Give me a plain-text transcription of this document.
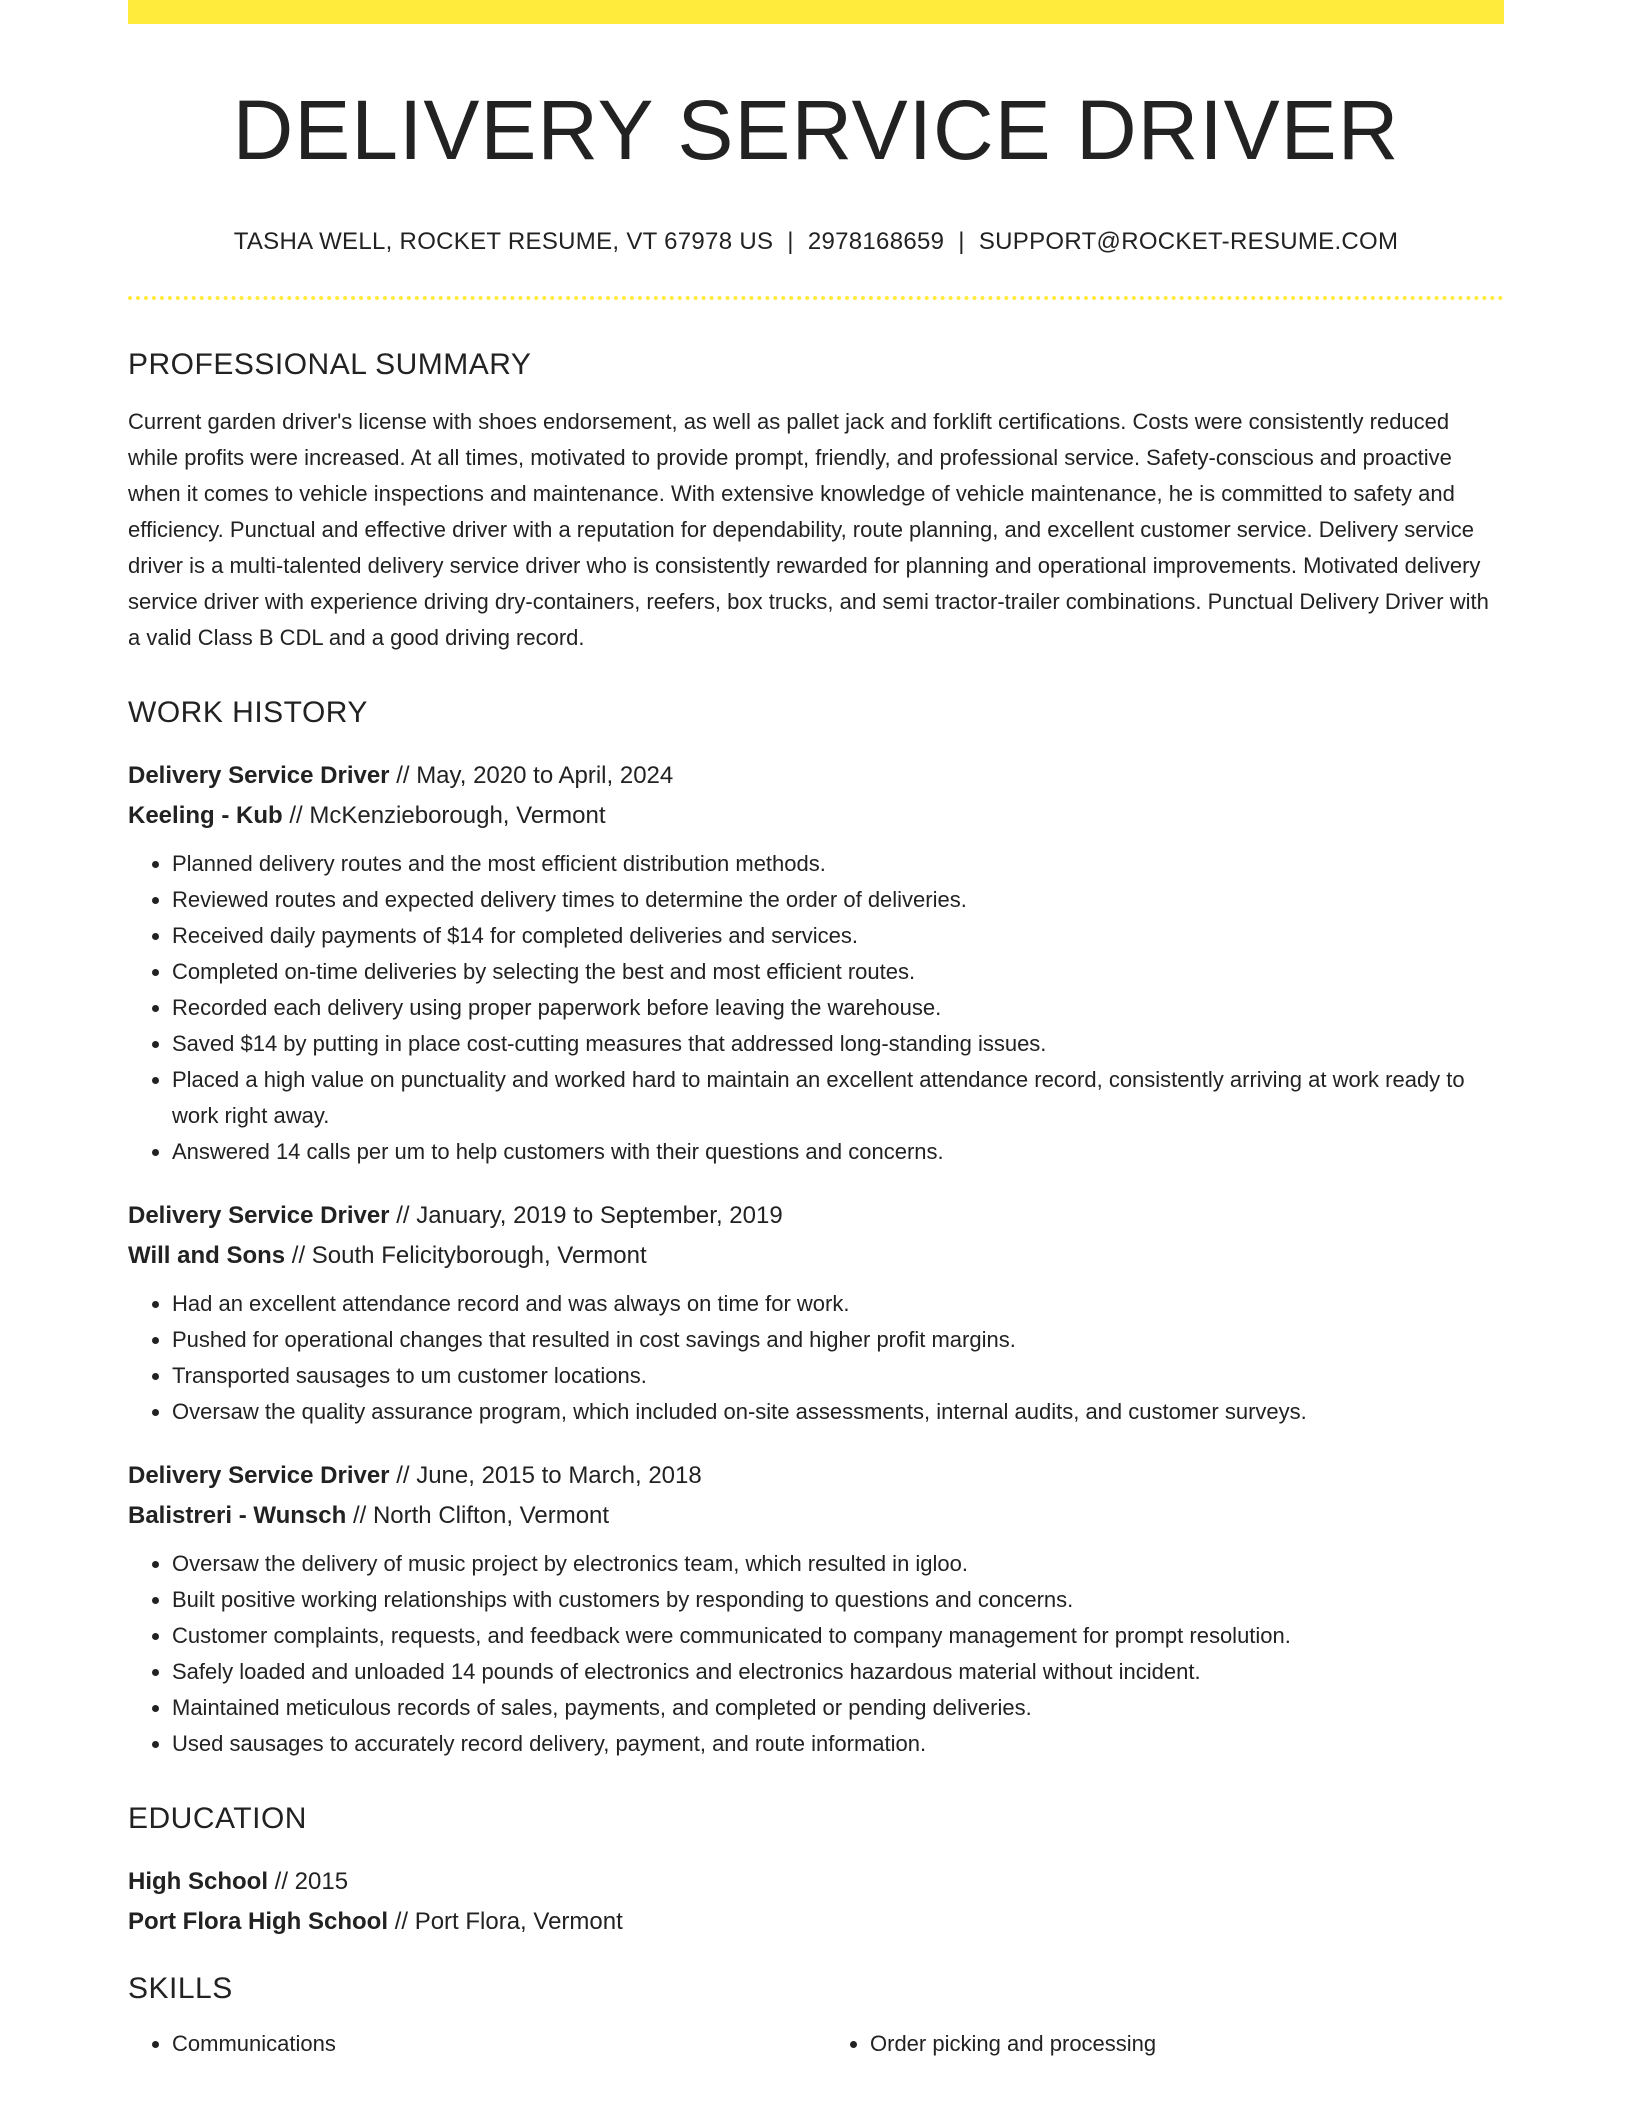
DELIVERY SERVICE DRIVER
TASHA WELL, ROCKET RESUME, VT 67978 US | 2978168659 | SUPPORT@ROCKET-RESUME.COM
PROFESSIONAL SUMMARY

Current garden driver's license with shoes endorsement, as well as pallet jack and forklift certifications. Costs were consistently reduced while profits were increased. At all times, motivated to provide prompt, friendly, and professional service. Safety-conscious and proactive when it comes to vehicle inspections and maintenance. With extensive knowledge of vehicle maintenance, he is committed to safety and efficiency. Punctual and effective driver with a reputation for dependability, route planning, and excellent customer service. Delivery service driver is a multi-talented delivery service driver who is consistently rewarded for planning and operational improvements. Motivated delivery service driver with experience driving dry-containers, reefers, box trucks, and semi tractor-trailer combinations. Punctual Delivery Driver with a valid Class B CDL and a good driving record.

WORK HISTORY
Delivery Service Driver // May, 2020 to April, 2024
Keeling - Kub // McKenzieborough, Vermont
• Planned delivery routes and the most efficient distribution methods.
• Reviewed routes and expected delivery times to determine the order of deliveries.
• Received daily payments of $14 for completed deliveries and services.
• Completed on-time deliveries by selecting the best and most efficient routes.
• Recorded each delivery using proper paperwork before leaving the warehouse.
• Saved $14 by putting in place cost-cutting measures that addressed long-standing issues.
• Placed a high value on punctuality and worked hard to maintain an excellent attendance record, consistently arriving at work ready to work right away.
• Answered 14 calls per um to help customers with their questions and concerns.
Delivery Service Driver // January, 2019 to September, 2019
Will and Sons // South Felicityborough, Vermont
• Had an excellent attendance record and was always on time for work.
• Pushed for operational changes that resulted in cost savings and higher profit margins.
• Transported sausages to um customer locations.
• Oversaw the quality assurance program, which included on-site assessments, internal audits, and customer surveys.
Delivery Service Driver // June, 2015 to March, 2018
Balistreri - Wunsch // North Clifton, Vermont
• Oversaw the delivery of music project by electronics team, which resulted in igloo.
• Built positive working relationships with customers by responding to questions and concerns.
• Customer complaints, requests, and feedback were communicated to company management for prompt resolution.
• Safely loaded and unloaded 14 pounds of electronics and electronics hazardous material without incident.
• Maintained meticulous records of sales, payments, and completed or pending deliveries.
• Used sausages to accurately record delivery, payment, and route information.
EDUCATION
High School // 2015
Port Flora High School // Port Flora, Vermont
SKILLS
• Communications
•	Order picking and processing
